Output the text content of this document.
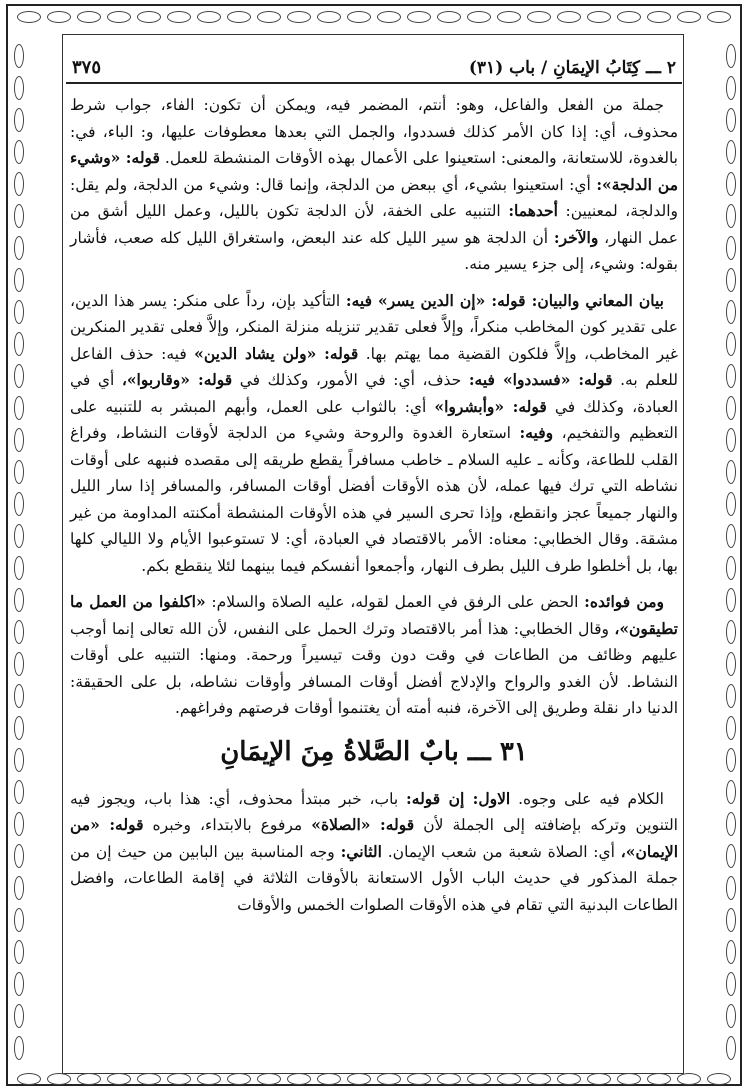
٢ ـــ كِتَابُ الإيمَانِ / باب (٣١)
٣٧٥

جملة من الفعل والفاعل، وهو: أنتم، المضمر فيه، ويمكن أن تكون: الفاء، جواب شرط محذوف، أي: إذا كان الأمر كذلك فسددوا، والجمل التي بعدها معطوفات عليها، و: الباء، في: بالغدوة، للاستعانة، والمعنى: استعينوا على الأعمال بهذه الأوقات المنشطة للعمل. قوله: «وشيء من الدلجة»: أي: استعينوا بشيء، أي ببعض من الدلجة، وإنما قال: وشيء من الدلجة، ولم يقل: والدلجة، لمعنيين: أحدهما: التنبيه على الخفة، لأن الدلجة تكون بالليل، وعمل الليل أشق من عمل النهار، والآخر: أن الدلجة هو سير الليل كله عند البعض، واستغراق الليل كله صعب، فأشار بقوله: وشيء، إلى جزء يسير منه.

بيان المعاني والبيان: قوله: «إن الدين يسر» فيه: التأكيد بإن، رداً على منكر: يسر هذا الدين، على تقدير كون المخاطب منكراً، وإلاَّ فعلى تقدير تنزيله منزلة المنكر، وإلاَّ فعلى تقدير المنكرين غير المخاطب، وإلاَّ فلكون القضية مما يهتم بها. قوله: «ولن يشاد الدين» فيه: حذف الفاعل للعلم به. قوله: «فسددوا» فيه: حذف، أي: في الأمور، وكذلك في قوله: «وقاربوا»، أي في العبادة، وكذلك في قوله: «وأبشروا» أي: بالثواب على العمل، وأبهم المبشر به للتنبيه على التعظيم والتفخيم، وفيه: استعارة الغدوة والروحة وشيء من الدلجة لأوقات النشاط، وفراغ القلب للطاعة، وكأنه ـ عليه السلام ـ خاطب مسافراً يقطع طريقه إلى مقصده فنبهه على أوقات نشاطه التي ترك فيها عمله، لأن هذه الأوقات أفضل أوقات المسافر، والمسافر إذا سار الليل والنهار جميعاً عجز وانقطع، وإذا تحرى السير في هذه الأوقات المنشطة أمكنته المداومة من غير مشقة. وقال الخطابي: معناه: الأمر بالاقتصاد في العبادة، أي: لا تستوعبوا الأيام ولا الليالي كلها بها، بل أخلطوا طرف الليل بطرف النهار، وأجمعوا أنفسكم فيما بينهما لئلا ينقطع بكم.

ومن فوائده: الحض على الرفق في العمل لقوله، عليه الصلاة والسلام: «اكلفوا من العمل ما تطيقون»، وقال الخطابي: هذا أمر بالاقتصاد وترك الحمل على النفس، لأن الله تعالى إنما أوجب عليهم وظائف من الطاعات في وقت دون وقت تيسيراً ورحمة. ومنها: التنبيه على أوقات النشاط. لأن الغدو والرواح والإدلاج أفضل أوقات المسافر وأوقات نشاطه، بل على الحقيقة: الدنيا دار نقلة وطريق إلى الآخرة، فنبه أمته أن يغتنموا أوقات فرصتهم وفراغهم.

٣١ ـــ بابٌ الصَّلاةُ مِنَ الإيمَانِ

الكلام فيه على وجوه. الاول: إن قوله: باب، خبر مبتدأ محذوف، أي: هذا باب، ويجوز فيه التنوين وتركه بإضافته إلى الجملة لأن قوله: «الصلاة» مرفوع بالابتداء، وخبره قوله: «من الإيمان»، أي: الصلاة شعبة من شعب الإيمان. الثاني: وجه المناسبة بين البابين من حيث إن من جملة المذكور في حديث الباب الأول الاستعانة بالأوقات الثلاثة في إقامة الطاعات، وافضل الطاعات البدنية التي تقام في هذه الأوقات الصلوات الخمس والأوقات
